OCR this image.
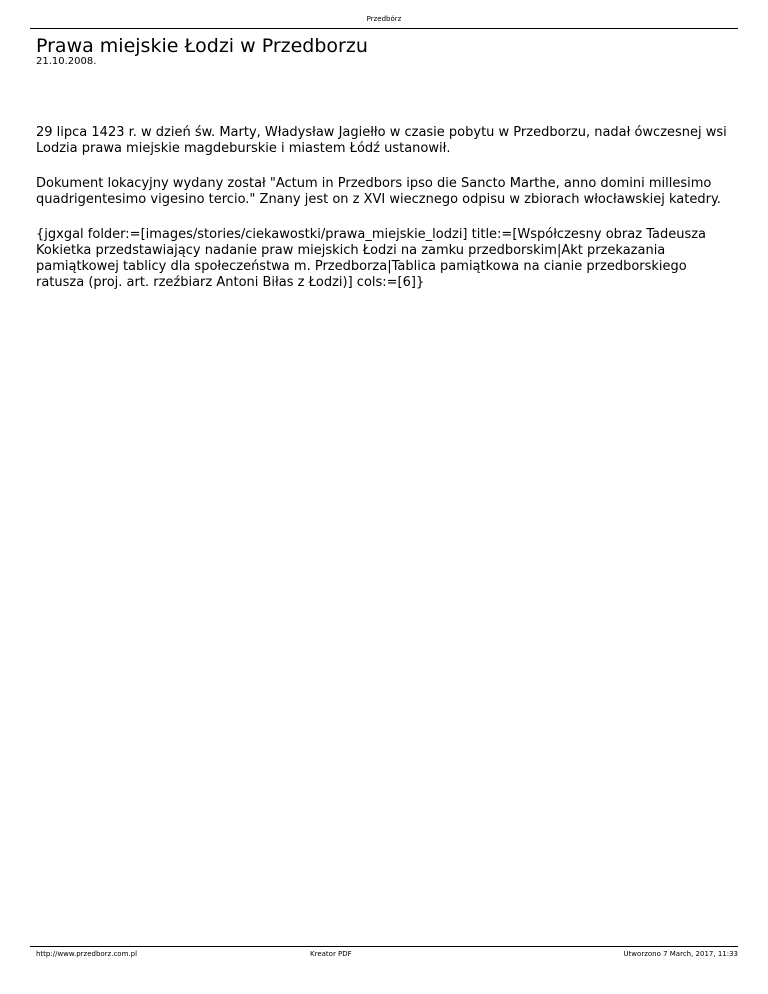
Przedbórz
Prawa miejskie Łodzi w Przedborzu
21.10.2008.

29 lipca 1423 r. w dzień św. Marty, Władysław Jagiełło w czasie pobytu w Przedborzu, nadał ówczesnej wsi Lodzia prawa miejskie magdeburskie i miastem Łódź ustanowił.

Dokument lokacyjny wydany został "Actum in Przedbors ipso die Sancto Marthe, anno domini millesimo quadrigentesimo vigesino tercio." Znany jest on z XVI wiecznego odpisu w zbiorach włocławskiej katedry.

{jgxgal folder:=[images/stories/ciekawostki/prawa_miejskie_lodzi] title:=[Współczesny obraz Tadeusza Kokietka przedstawiający nadanie praw miejskich Łodzi na zamku przedborskim|Akt przekazania pamiątkowej tablicy dla społeczeństwa m. Przedborza|Tablica pamiątkowa na cianie przedborskiego ratusza (proj. art. rzeźbiarz Antoni Biłas z Łodzi)] cols:=[6]}

http://www.przedborz.com.pl	Kreator PDF	Utworzono 7 March, 2017, 11:33
